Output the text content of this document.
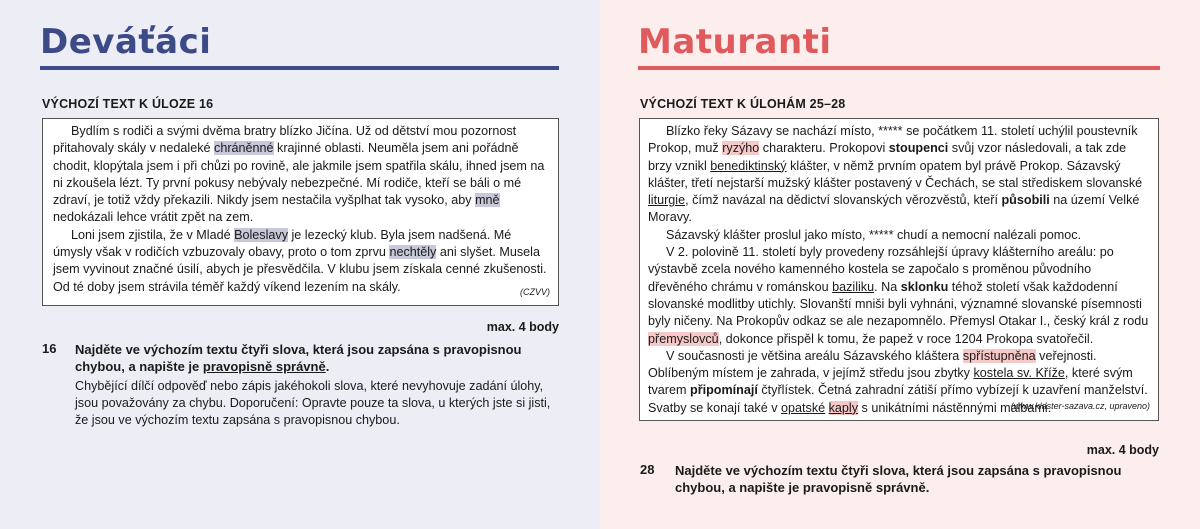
Deváťáci
VÝCHOZÍ TEXT K ÚLOZE 16

Bydlím s rodiči a svými dvěma bratry blízko Jičína. Už od dětství mou pozornost přitahovaly skály v nedaleké chráněnné krajinné oblasti. Neuměla jsem ani pořádně chodit, klopýtala jsem i při chůzi po rovině, ale jakmile jsem spatřila skálu, ihned jsem na ni zkoušela lézt. Ty první pokusy nebývaly nebezpečné. Mí rodiče, kteří se báli o mé zdraví, je totiž vždy překazili. Nikdy jsem nestačila vyšplhat tak vysoko, aby mně nedokázali lehce vrátit zpět na zem.

Loni jsem zjistila, že v Mladé Boleslavy je lezecký klub. Byla jsem nadšená. Mé úmysly však v rodičích vzbuzovaly obavy, proto o tom zprvu nechtěly ani slyšet. Musela jsem vyvinout značné úsilí, abych je přesvědčila. V klubu jsem získala cenné zkušenosti. Od té doby jsem strávila téměř každý víkend lezením na skály.	(CZVV)
max. 4 body
16 Najděte ve výchozím textu čtyři slova, která jsou zapsána s pravopisnou chybou, a napište je pravopisně správně.
Chybějící dílčí odpověď nebo zápis jakéhokoli slova, které nevyhovuje zadání úlohy, jsou považovány za chybu. Doporučení: Opravte pouze ta slova, u kterých jste si jisti, že jsou ve výchozím textu zapsána s pravopisnou chybou.
Maturanti
VÝCHOZÍ TEXT K ÚLOHÁM 25–28

Blízko řeky Sázavy se nachází místo, ***** se počátkem 11. století uchýlil poustevník Prokop, muž ryzýho charakteru. Prokopovi stoupenci svůj vzor následovali, a tak zde brzy vznikl benediktinský klášter, v němž prvním opatem byl právě Prokop. Sázavský klášter, třetí nejstarší mužský klášter postavený v Čechách, se stal střediskem slovanské liturgie, čímž navázal na dědictví slovanských věrozvěstů, kteří působili na území Velké Moravy.

Sázavský klášter proslul jako místo, ***** chudí a nemocní nalézali pomoc.

V 2. polovině 11. století byly provedeny rozsáhlejší úpravy klášterního areálu: po výstavbě zcela nového kamenného kostela se započalo s proměnou původního dřevěného chrámu v románskou baziliku. Na sklonku téhož století však každodenní slovanské modlitby utichly. Slovanští mniši byli vyhnáni, významné slovanské písemnosti byly ničeny. Na Prokopův odkaz se ale nezapomnělo. Přemysl Otakar I., český král z rodu přemyslovců, dokonce přispěl k tomu, že papež v roce 1204 Prokopa svatořečil.

V současnosti je většina areálu Sázavského kláštera spřístupněna veřejnosti. Oblíbeným místem je zahrada, v jejímž středu jsou zbytky kostela sv. Kříže, které svým tvarem připomínají čtyřlístek. Četná zahradní zátiší přímo vybízejí k uzavření manželství. Svatby se konají také v opatské kaply s unikátními nástěnnými malbami.

(www.klaster-sazava.cz, upraveno)
max. 4 body
28 Najděte ve výchozím textu čtyři slova, která jsou zapsána s pravopisnou chybou, a napište je pravopisně správně.
